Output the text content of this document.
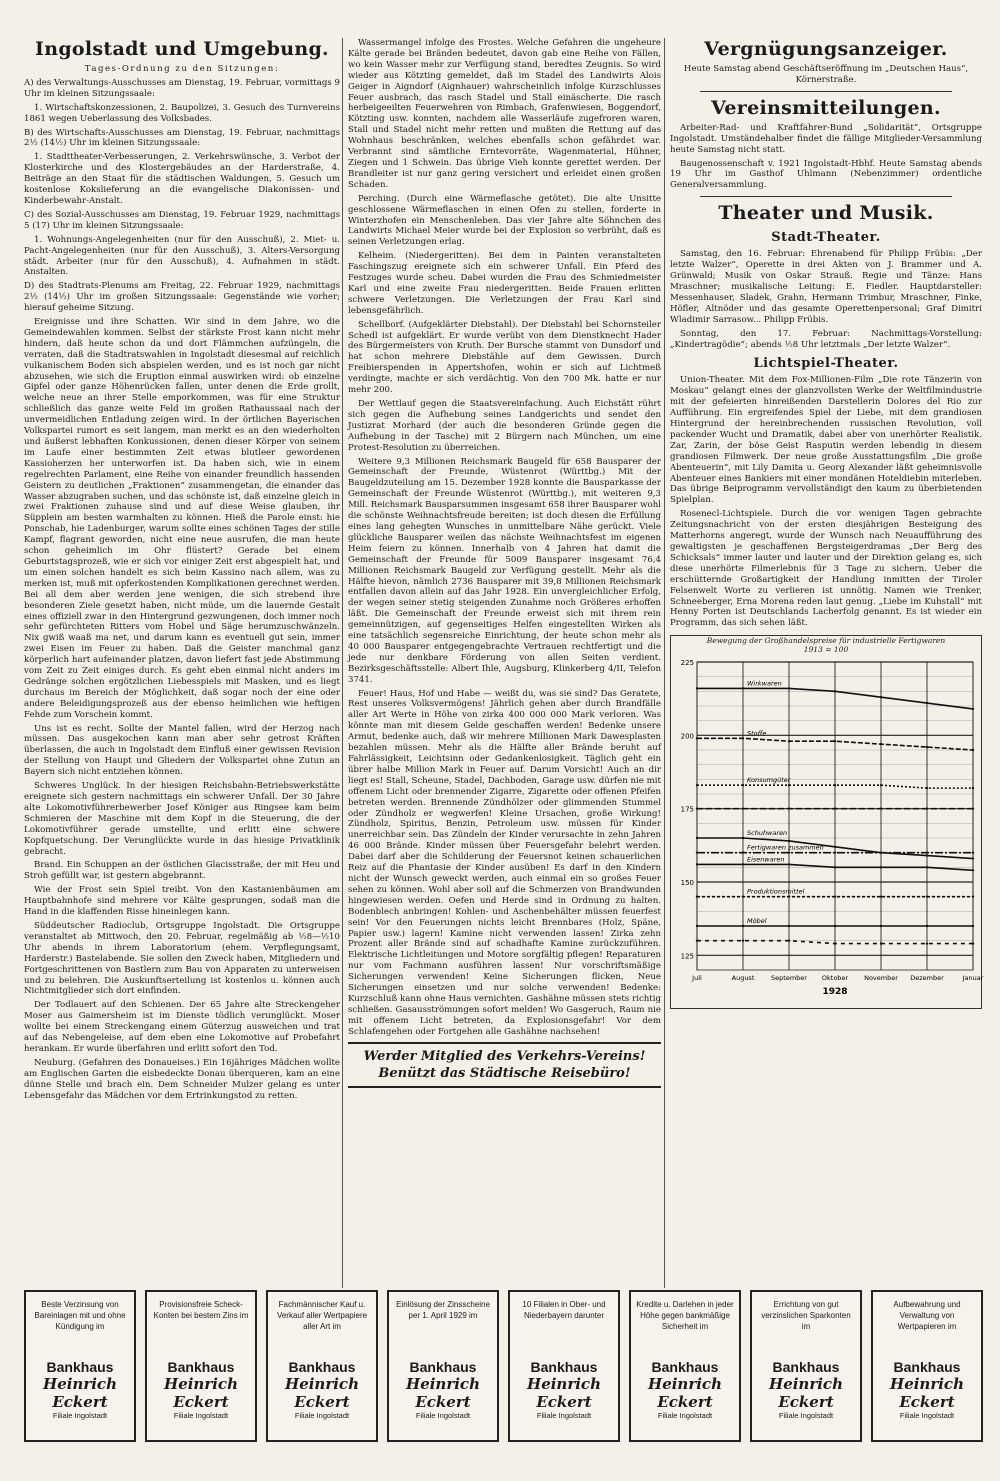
Ingolstadt und Umgebung.

Tages-Ordnung zu den Sitzungen:

A) des Verwaltungs-Ausschusses am Dienstag, 19. Februar, vormittags 9 Uhr im kleinen Sitzungssaale:

1. Wirtschaftskonzessionen, 2. Baupolizei, 3. Gesuch des Turnvereins 1861 wegen Ueberlassung des Volksbades.

B) des Wirtschafts-Ausschusses am Dienstag, 19. Februar, nachmittags 2½ (14½) Uhr im kleinen Sitzungssaale:

1. Stadttheater-Verbesserungen, 2. Verkehrswünsche, 3. Verbot der Klosterkirche und des Klostergebäudes an der Harderstraße, 4. Beiträge an den Staat für die städtischen Waldungen, 5. Gesuch um kostenlose Kokslieferung an die evangelische Diakonissen- und Kinderbewahr-Anstalt.

C) des Sozial-Ausschusses am Dienstag, 19. Februar 1929, nachmittags 5 (17) Uhr im kleinen Sitzungssaale:

1. Wohnungs-Angelegenheiten (nur für den Ausschuß), 2. Miet- u. Pacht-Angelegenheiten (nur für den Ausschuß), 3. Alters-Versorgung städt. Arbeiter (nur für den Ausschuß), 4. Aufnahmen in städt. Anstalten.

D) des Stadtrats-Plenums am Freitag, 22. Februar 1929, nachmittags 2½ (14½) Uhr im großen Sitzungssaale: Gegenstände wie vorher; hierauf geheime Sitzung.

Ereignisse und ihre Schatten. Wir sind in dem Jahre, wo die Gemeindewahlen kommen. Selbst der stärkste Frost kann nicht mehr hindern, daß heute schon da und dort Flämmchen aufzüngeln, die verraten, daß die Stadtratswahlen in Ingolstadt diesesmal auf reichlich vulkanischem Boden sich abspielen werden, und es ist noch gar nicht abzusehen, wie sich die Eruption einmal auswirken wird: ob einzelne Gipfel oder ganze Höhenrücken fallen, unter denen die Erde grollt, welche neue an ihrer Stelle emporkommen, was für eine Struktur schließlich das ganze weite Feld im großen Rathaussaal nach der unvermeidlichen Entladung zeigen wird. In der örtlichen Bayerischen Volkspartei rumort es seit langem, man merkt es an den wiederholten und äußerst lebhaften Konkussionen, denen dieser Körper von seinem im Laufe einer bestimmten Zeit etwas blutleer gewordenen Kassioherzen her unterworfen ist. Da haben sich, wie in einem regelrechten Parlament, eine Reihe von einander freundlich hassenden Geistern zu deutlichen „Fraktionen“ zusammengetan, die einander das Wasser abzugraben suchen, und das schönste ist, daß einzelne gleich in zwei Fraktionen zuhause sind und auf diese Weise glauben, ihr Süpplein am besten warmhalten zu können. Hieß die Parole einst: hie Ponschab, hie Ladenburger, warum sollte eines schönen Tages der stille Kampf, flagrant geworden, nicht eine neue ausrufen, die man heute schon geheimlich im Ohr flüstert? Gerade bei einem Geburtstagsprozeß, wie er sich vor einiger Zeit erst abgespielt hat, und um einen solchen handelt es sich beim Kassino nach allem, was zu merken ist, muß mit opferkostenden Komplikationen gerechnet werden. Bei all dem aber werden jene wenigen, die sich strebend ihre besonderen Ziele gesetzt haben, nicht müde, um die lauernde Gestalt eines offiziell zwar in den Hintergrund gezwungenen, doch immer noch sehr gefürchteten Ritters vom Hobel und Säge herumzuschwänzeln. Nix gwiß waaß ma net, und darum kann es eventuell gut sein, immer zwei Eisen im Feuer zu haben. Daß die Geister manchmal ganz körperlich hart aufeinander platzen, davon liefert fast jede Abstimmung vom Zeit zu Zeit einiges durch. Es geht eben einmal nicht anders im Gedränge solchen ergötzlichen Liebesspiels mit Masken, und es liegt durchaus im Bereich der Möglichkeit, daß sogar noch der eine oder andere Beleidigungsprozeß aus der ebenso heimlichen wie heftigen Fehde zum Vorschein kommt.

Uns ist es recht. Sollte der Mantel fallen, wird der Herzog nach müssen. Das ausgekochen kann man aber sehr getrost Kräften überlassen, die auch in Ingolstadt dem Einfluß einer gewissen Revision der Stellung von Haupt und Gliedern der Volkspartei ohne Zutun an Bayern sich nicht entziehen können.

Schweres Unglück. In der hiesigen Reichsbahn-Betriebswerkstätte ereignete sich gestern nachmittags ein schwerer Unfall. Der 30 Jahre alte Lokomotivführerbewerber Josef Königer aus Ringsee kam beim Schmieren der Maschine mit dem Kopf in die Steuerung, die der Lokomotivführer gerade umstellte, und erlitt eine schwere Kopfquetschung. Der Verunglückte wurde in das hiesige Privatklinik gebracht.

Brand. Ein Schuppen an der östlichen Glacisstraße, der mit Heu und Stroh gefüllt war, ist gestern abgebrannt.

Wie der Frost sein Spiel treibt. Von den Kastanienbäumen am Hauptbahnhofe sind mehrere vor Kälte gesprungen, sodaß man die Hand in die klaffenden Risse hineinlegen kann.

Süddeutscher Radioclub, Ortsgruppe Ingolstadt. Die Ortsgruppe veranstaltet ab Mittwoch, den 20. Februar, regelmäßig ab ½8—½10 Uhr abends in ihrem Laboratorium (ehem. Verpflegungsamt, Harderstr.) Bastelabende. Sie sollen den Zweck haben, Mitgliedern und Fortgeschrittenen von Bastlern zum Bau von Apparaten zu unterweisen und zu belehren. Die Auskunftserteilung ist kostenlos u. können auch Nichtmitglieder sich dort einfinden.

Der Todlauert auf den Schienen. Der 65 Jahre alte Streckengeher Moser aus Gaimersheim ist im Dienste tödlich verunglückt. Moser wollte bei einem Streckengang einem Güterzug ausweichen und trat auf das Nebengeleise, auf dem eben eine Lokomotive auf Probefahrt herankam. Er wurde überfahren und erlitt sofort den Tod.

Neuburg. (Gefahren des Donaueises.) Ein 16jähriges Mädchen wollte am Englischen Garten die eisbedeckte Donau überqueren, kam an eine dünne Stelle und brach ein. Dem Schneider Mulzer gelang es unter Lebensgefahr das Mädchen vor dem Ertrinkungstod zu retten.

Wassermangel infolge des Frostes. Welche Gefahren die ungeheure Kälte gerade bei Bränden bedeutet, davon gab eine Reihe von Fällen, wo kein Wasser mehr zur Verfügung stand, beredtes Zeugnis. So wird wieder aus Kötzting gemeldet, daß im Stadel des Landwirts Alois Geiger in Aigndorf (Aignhauer) wahrscheinlich infolge Kurzschlusses Feuer ausbrach, das rasch Stadel und Stall einäscherte. Die rasch herbeigeeilten Feuerwehren von Rimbach, Grafenwiesen, Boggendorf, Kötzting usw. konnten, nachdem alle Wasserläufe zugefroren waren, Stall und Stadel nicht mehr retten und mußten die Rettung auf das Wohnhaus beschränken, welches ebenfalls schon gefährdet war. Verbrannt sind sämtliche Erntevorräte, Wagenmaterial, Hühner, Ziegen und 1 Schwein. Das übrige Vieh konnte gerettet werden. Der Brandleiter ist nur ganz gering versichert und erleidet einen großen Schaden.

Perching. (Durch eine Wärmeflasche getötet). Die alte Unsitte geschlossene Wärmeflaschen in einen Ofen zu stellen, forderte in Winterzhofen ein Menschenleben. Das vier Jahre alte Söhnchen des Landwirts Michael Meier wurde bei der Explosion so verbrüht, daß es seinen Verletzungen erlag.

Kelheim. (Niedergeritten). Bei dem in Painten veranstalteten Faschingszug ereignete sich ein schwerer Unfall. Ein Pferd des Festzuges wurde scheu. Dabei wurden die Frau des Schmiedmeister Karl und eine zweite Frau niedergeritten. Beide Frauen erlitten schwere Verletzungen. Die Verletzungen der Frau Karl sind lebensgefährlich.

Schellborf. (Aufgeklärter Diebstahl). Der Diebstahl bei Schornsteiler Schedl ist aufgeklärt. Er wurde verübt von dem Dienstknecht Hader des Bürgermeisters von Kruth. Der Bursche stammt von Dunsdorf und hat schon mehrere Diebstähle auf dem Gewissen. Durch Freibierspenden in Appertshofen, wohin er sich auf Lichtmeß verdingte, machte er sich verdächtig. Von den 700 Mk. hatte er nur mehr 200.

Der Wettlauf gegen die Staatsvereinfachung. Auch Eichstätt rührt sich gegen die Aufhebung seines Landgerichts und sendet den Justizrat Morhard (der auch die besonderen Gründe gegen die Aufhebung in der Tasche) mit 2 Bürgern nach München, um eine Protest-Resolution zu überreichen.

Weitere 9,3 Millionen Reichsmark Baugeld für 658 Bausparer der Gemeinschaft der Freunde, Wüstenrot (Württbg.) Mit der Baugeldzuteilung am 15. Dezember 1928 konnte die Bausparkasse der Gemeinschaft der Freunde Wüstenrot (Württbg.), mit weiteren 9,3 Mill. Reichsmark Bausparsummen insgesamt 658 ihrer Bausparer wohl die schönste Weihnachtsfreude bereiten; ist doch diesen die Erfüllung eines lang gehegten Wunsches in unmittelbare Nähe gerückt. Viele glückliche Bausparer weilen das nächste Weihnachtsfest im eigenen Heim feiern zu können. Innerhalb von 4 Jahren hat damit die Gemeinschaft der Freunde für 5009 Bausparer insgesamt 76,4 Millionen Reichsmark Baugeld zur Verfügung gestellt. Mehr als die Hälfte hievon, nämlich 2736 Bausparer mit 39,8 Millionen Reichsmark entfallen davon allein auf das Jahr 1928. Ein unvergleichlicher Erfolg, der wegen seiner stetig steigenden Zunahme noch Größeres erhoffen läßt. Die Gemeinschaft der Freunde erweist sich mit ihrem rein gemeinnützigen, auf gegenseitiges Helfen eingestellten Wirken als eine tatsächlich segensreiche Einrichtung, der heute schon mehr als 40 000 Bausparer entgegengebrachte Vertrauen rechtfertigt und die jede nur denkbare Förderung von allen Seiten verdient. Bezirksgeschäftsstelle: Albert Ihle, Augsburg, Klinkerberg 4/II, Telefon 3741.

Feuer! Haus, Hof und Habe — weißt du, was sie sind? Das Geratete, Rest unseres Volksvermögens! Jährlich gehen aber durch Brandfälle aller Art Werte in Höhe von zirka 400 000 000 Mark verloren. Was könnte man mit diesem Gelde geschaffen werden! Bedenke unsere Armut, bedenke auch, daß wir mehrere Millionen Mark Dawesplasten bezahlen müssen. Mehr als die Hälfte aller Brände beruht auf Fahrlässigkeit, Leichtsinn oder Gedankenlosigkeit. Täglich geht ein übrer halbe Million Mark in Feuer auf. Darum Vorsicht! Auch an dir liegt es! Stall, Scheune, Stadel, Dachboden, Garage usw. dürfen nie mit offenem Licht oder brennender Zigarre, Zigarette oder offenen Pfeifen betreten werden. Brennende Zündhölzer oder glimmenden Stummel oder Zündholz er wegwerfen! Kleine Ursachen, große Wirkung! Zündholz, Spiritus, Benzin, Petroleum usw. müssen für Kinder unerreichbar sein. Das Zündeln der Kinder verursachte in zehn Jahren 46 000 Brände. Kinder müssen über Feuersgefahr belehrt werden. Dabei darf aber die Schilderung der Feuersnot keinen schauerlichen Reiz auf die Phantasie der Kinder ausüben! Es darf in den Kindern nicht der Wunsch geweckt werden, auch einmal ein so großes Feuer sehen zu können. Wohl aber soll auf die Schmerzen von Brandwunden hingewiesen werden. Oefen und Herde sind in Ordnung zu halten. Bodenblech anbringen! Kohlen- und Aschenbehälter müssen feuerfest sein! Vor den Feuerungen nichts leicht Brennbares (Holz, Späne, Papier usw.) lagern! Kamine nicht verwenden lassen! Zirka zehn Prozent aller Brände sind auf schadhafte Kamine zurückzuführen. Elektrische Lichtleitungen und Motore sorgfältig pflegen! Reparaturen nur vom Fachmann ausführen lassen! Nur vorschriftsmäßige Sicherungen verwenden! Keine Sicherungen flicken, Neue Sicherungen einsetzen und nur solche verwenden! Bedenke: Kurzschluß kann ohne Haus vernichten. Gashähne müssen stets richtig schließen. Gasausströmungen sofort melden! Wo Gasgeruch, Raum nie mit offenem Licht betreten, da Explosionsgefahr! Vor dem Schlafengehen oder Fortgehen alle Gashähne nachsehen!

Werder Mitglied des Verkehrs-Vereins!
Benützt das Städtische Reisebüro!
Vergnügungsanzeiger.

Heute Samstag abend Geschäftseröffnung im „Deutschen Haus“, Körnerstraße.

Vereinsmitteilungen.

Arbeiter-Rad- und Kraftfahrer-Bund „Solidarität“, Ortsgruppe Ingolstadt. Umständehalber findet die fällige Mitglieder-Versammlung heute Samstag nicht statt.

Baugenossenschaft v. 1921 Ingolstadt-Hbhf. Heute Samstag abends 19 Uhr im Gasthof Uhlmann (Nebenzimmer) ordentliche Generalversammlung.

Theater und Musik.
Stadt-Theater.

Samstag, den 16. Februar: Ehrenabend für Philipp Frübis: „Der letzte Walzer“, Operette in drei Akten von J. Brammer und A. Grünwald; Musik von Oskar Strauß. Regie und Tänze: Hans Mraschner; musikalische Leitung: E. Fiedler. Hauptdarsteller: Messenhauser, Sladek, Grahn, Hermann Trimbur, Mraschner, Finke, Höfler, Altnöder und das gesamte Operettenpersonal; Graf Dimitri Wladimir Sarrasow... Philipp Frübis.

Sonntag, den 17. Februar: Nachmittags-Vorstellung: „Kindertragödie“; abends ½8 Uhr letztmals „Der letzte Walzer“.

Lichtspiel-Theater.

Union-Theater. Mit dem Fox-Millionen-Film „Die rote Tänzerin von Moskau“ gelangt eines der glanzvollsten Werke der Weltfilmindustrie mit der gefeierten hinreißenden Darstellerin Dolores del Rio zur Aufführung. Ein ergreifendes Spiel der Liebe, mit dem grandiosen Hintergrund der hereinbrechenden russischen Revolution, voll packender Wucht und Dramatik, dabei aber von unerhörter Realistik. Zar, Zarin, der böse Geist Rasputin werden lebendig in diesem grandiosen Filmwerk. Der neue große Ausstattungsfilm „Die große Abenteuerin“, mit Lily Damita u. Georg Alexander läßt geheimnisvolle Abenteuer eines Bankiers mit einer mondänen Hoteldiebin miterleben. Das übrige Beiprogramm vervollständigt den kaum zu überbietenden Spielplan.

Rosenecl-Lichtspiele. Durch die vor wenigen Tagen gebrachte Zeitungsnachricht von der ersten diesjährigen Besteigung des Matterhorns angeregt, wurde der Wunsch nach Neuaufführung des gewaltigsten je geschaffenen Bergsteigerdramas „Der Berg des Schicksals“ immer lauter und lauter und der Direktion gelang es, sich diese unerhörte Filmerlebnis für 3 Tage zu sichern. Ueber die erschütternde Großartigkeit der Handlung inmitten der Tiroler Felsenwelt Worte zu verlieren ist unnötig. Namen wie Trenker, Schneeberger, Erna Morena reden laut genug. „Liebe im Kuhstall“ mit Henny Porten ist Deutschlands Lacherfolg genannt. Es ist wieder ein Programm, das sich sehen läßt.

Bewegung der Großhandelspreise für industrielle Fertigwaren
1913 = 100
125
150
175
200
225
Juli	August	September Oktober November Dezember	Januar
1928
Wirkwaren
Stoffe
Konsumgüter
Schuhwaren
Fertigwaren zusammen
Eisenwaren
Produktionsmittel
Möbel
Beste Verzinsung von Bareinlagen mit und ohne Kündigung im
Bankhaus
Heinrich Eckert
Filiale Ingolstadt
Provisionsfreie Scheck-Konten bei bestem Zins im
Bankhaus
Heinrich Eckert
Filiale Ingolstadt
Fachmännischer Kauf u. Verkauf aller Wertpapiere aller Art im
Bankhaus
Heinrich Eckert
Filiale Ingolstadt
Einlösung der Zinsscheine per 1. April 1929 im
Bankhaus
Heinrich Eckert
Filiale Ingolstadt
10 Filialen in Ober- und Niederbayern darunter
Bankhaus
Heinrich Eckert
Filiale Ingolstadt
Kredite u. Darlehen in jeder Höhe gegen bankmäßige Sicherheit im
Bankhaus
Heinrich Eckert
Filiale Ingolstadt
Errichtung von gut verzinslichen Sparkonten im
Bankhaus
Heinrich Eckert
Filiale Ingolstadt
Aufbewahrung und Verwaltung von Wertpapieren im
Bankhaus
Heinrich Eckert
Filiale Ingolstadt
